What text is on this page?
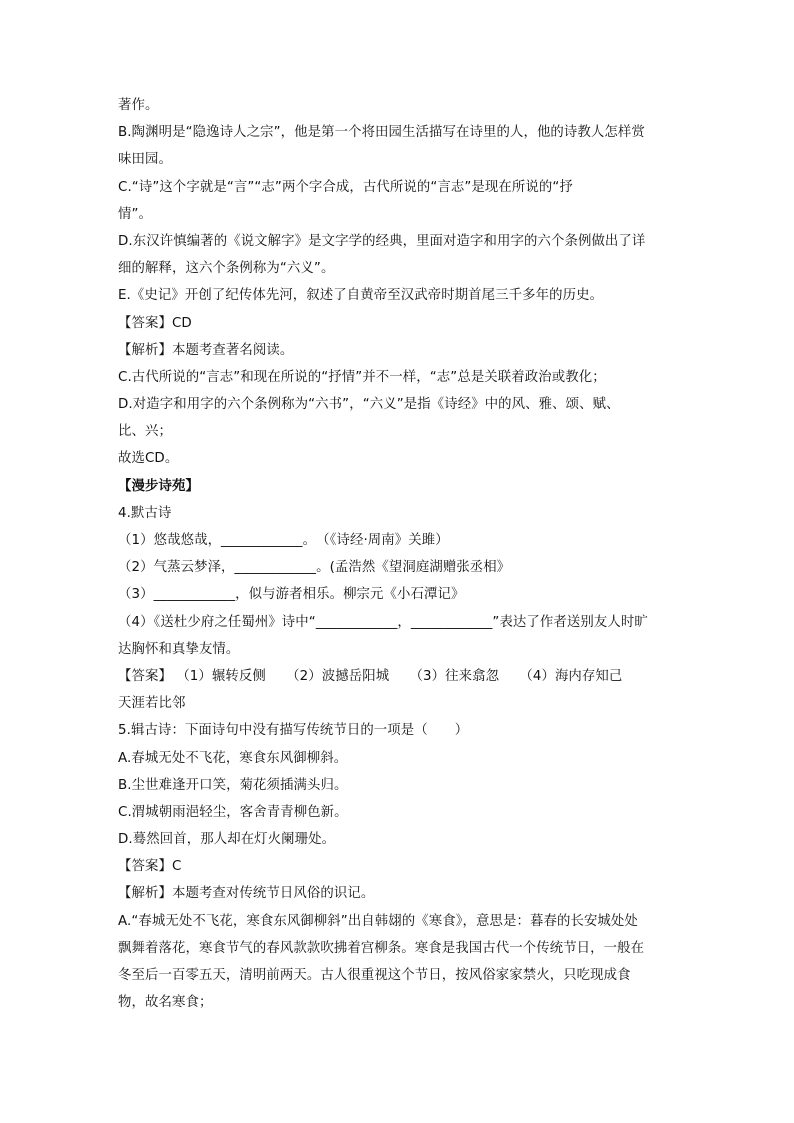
著作。
B.陶渊明是“隐逸诗人之宗”，他是第一个将田园生活描写在诗里的人，他的诗教人怎样赏
味田园。
C.“诗”这个字就是“言”“志”两个字合成，古代所说的“言志”是现在所说的“抒
情”。
D.东汉许慎编著的《说文解字》是文字学的经典，里面对造字和用字的六个条例做出了详
细的解释，这六个条例称为“六义”。
E.《史记》开创了纪传体先河，叙述了自黄帝至汉武帝时期首尾三千多年的历史。
【答案】CD
【解析】本题考查著名阅读。
C.古代所说的“言志”和现在所说的“抒情”并不一样，“志”总是关联着政治或教化；
D.对造字和用字的六个条例称为“六书”，“六义”是指《诗经》中的风、雅、颂、赋、
比、兴；
故选CD。
【漫步诗苑】
4.默古诗
（1）悠哉悠哉，____________。　（《诗经·周南》关雎）
（2）气蒸云梦泽，____________。(孟浩然《望洞庭湖赠张丞相》
（3）____________，似与游者相乐。柳宗元《小石潭记》
（4）《送杜少府之任蜀州》诗中“____________，____________”表达了作者送别友人时旷
达胸怀和真挚友情。
【答案】 （1）辗转反侧　　（2）波撼岳阳城　　（3）往来翕忽　　（4）海内存知己
天涯若比邻
5.辑古诗：下面诗句中没有描写传统节日的一项是（　　）
A.春城无处不飞花，寒食东风御柳斜。
B.尘世难逢开口笑，菊花须插满头归。
C.渭城朝雨浥轻尘，客舍青青柳色新。
D.蓦然回首，那人却在灯火阑珊处。
【答案】C
【解析】本题考查对传统节日风俗的识记。
A.“春城无处不飞花，寒食东风御柳斜”出自韩翃的《寒食》，意思是：暮春的长安城处处
飘舞着落花，寒食节气的春风款款吹拂着宫柳条。寒食是我国古代一个传统节日，一般在
冬至后一百零五天，清明前两天。古人很重视这个节日，按风俗家家禁火，只吃现成食
物，故名寒食；
